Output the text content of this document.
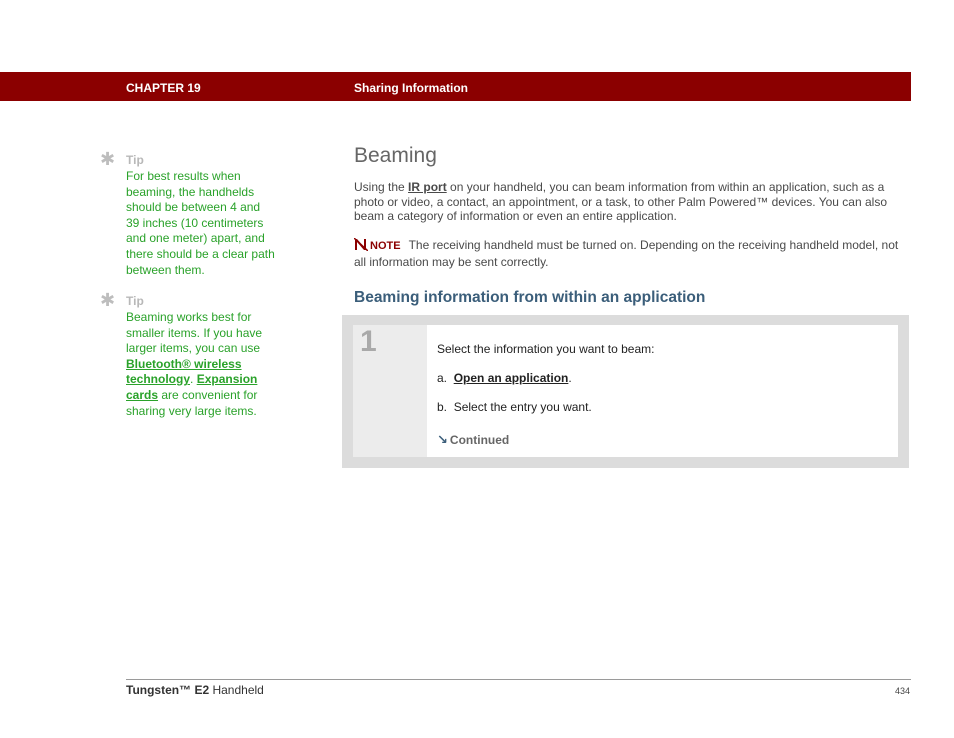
CHAPTER 19	Sharing Information
✱ Tip
For best results when beaming, the handhelds should be between 4 and 39 inches (10 centimeters and one meter) apart, and there should be a clear path between them.
✱ Tip
Beaming works best for smaller items. If you have larger items, you can use Bluetooth® wireless technology. Expansion cards are convenient for sharing very large items.
Beaming
Using the IR port on your handheld, you can beam information from within an application, such as a photo or video, a contact, an appointment, or a task, to other Palm Powered™ devices. You can also beam a category of information or even an entire application.
NOTE The receiving handheld must be turned on. Depending on the receiving handheld model, not all information may be sent correctly.
Beaming information from within an application
1	Select the information you want to beam:
a. Open an application.
b. Select the entry you want.
↘ Continued
Tungsten™ E2 Handheld	434
